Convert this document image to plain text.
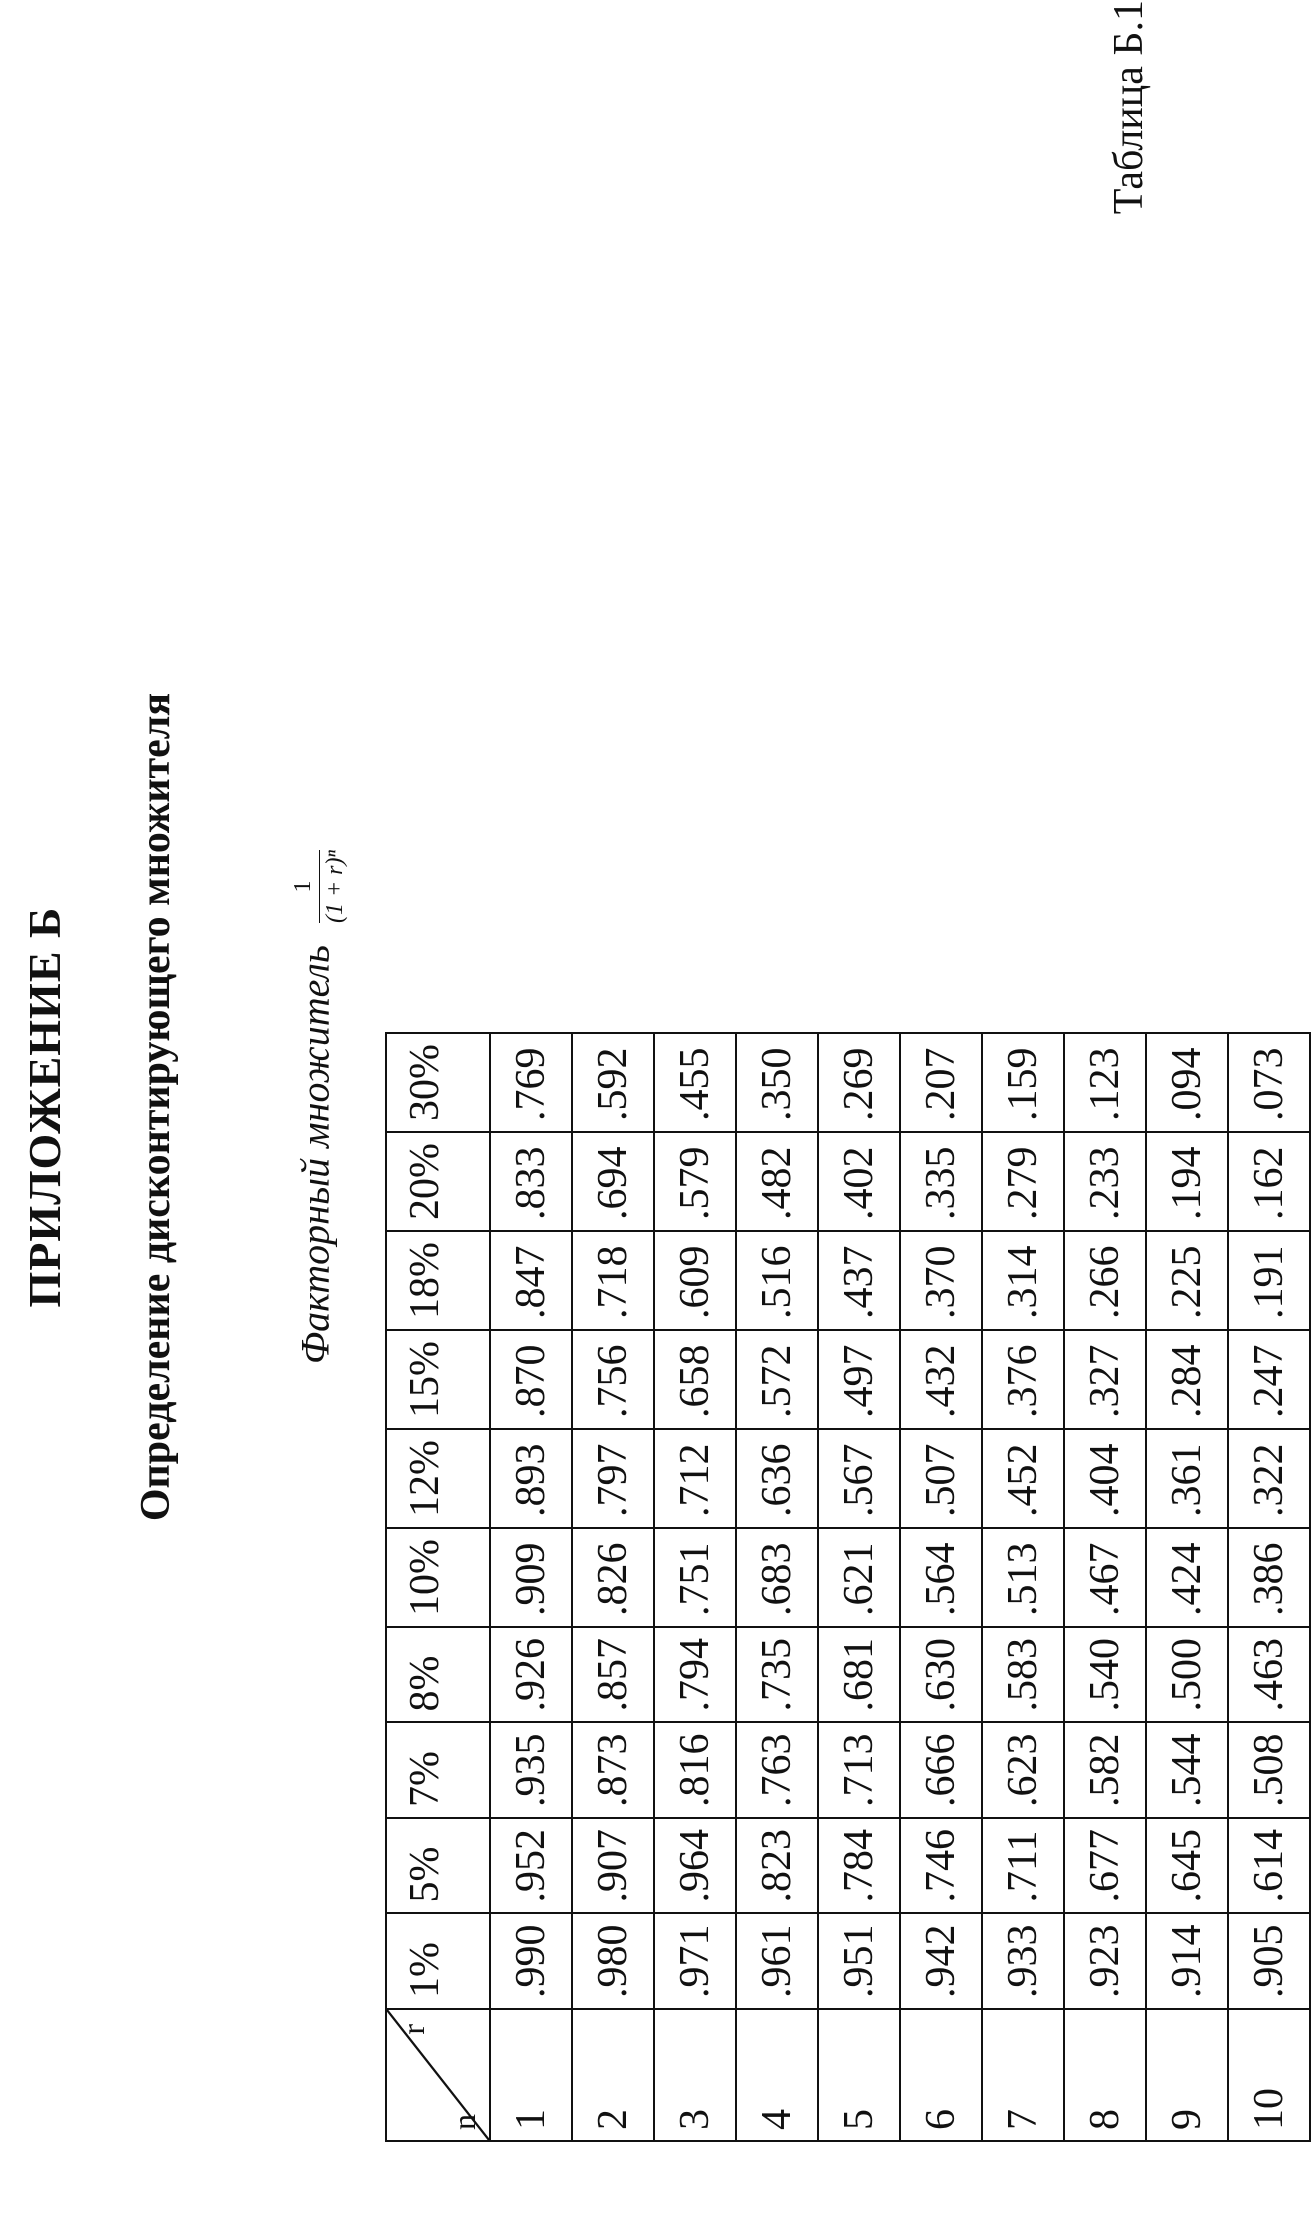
ПРИЛОЖЕНИЕ Б Определение дисконтирующего множителя	Факторный множитель
1 (1 + r)ⁿ
r
n	1%	5%	7%	8%	10%	12%	15%	18%	20%	30%
1	.990	.952	.935	.926	.909	.893	.870	.847	.833	.769
2	.980	.907	.873	.857	.826	.797	.756	.718	.694	.592
3	.971	.964	.816	.794	.751	.712	.658	.609	.579	.455
4	.961	.823	.763	.735	.683	.636	.572	.516	.482	.350
5	.951	.784	.713	.681	.621	.567	.497	.437	.402	.269
6	.942	.746	.666	.630	.564	.507	.432	.370	.335	.207
7	.933	.711	.623	.583	.513	.452	.376	.314	.279	.159
8	.923	.677	.582	.540	.467	.404	.327	.266	.233	.123
9	.914	.645	.544	.500	.424	.361	.284	.225	.194	.094
10	.905	.614	.508	.463	.386	.322	.247	.191	.162	.073
Таблица Б.1
